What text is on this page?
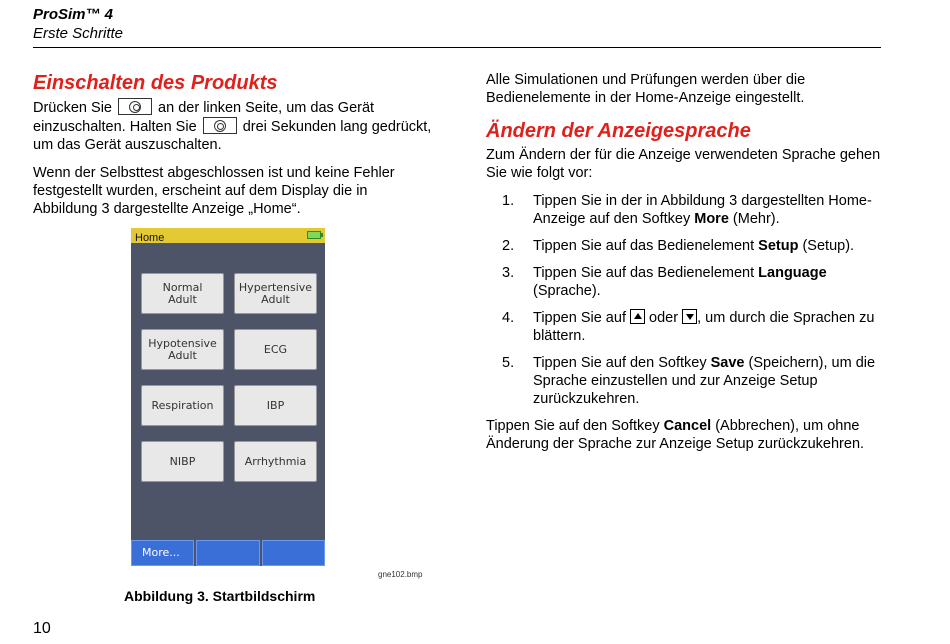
ProSim™ 4
Erste Schritte
Einschalten des Produkts

Drücken Sie	an der linken Seite, um das Gerät einzuschalten. Halten Sie	drei Sekunden lang gedrückt, um das Gerät auszuschalten.

Wenn der Selbsttest abgeschlossen ist und keine Fehler festgestellt wurden, erscheint auf dem Display die in Abbildung 3 dargestellte Anzeige „Home“.

Home
Normal
Adult
Hypertensive
Adult
Hypotensive
Adult	ECG
Respiration	IBP
NIBP	Arrhythmia
More...
gne102.bmp
Abbildung 3. Startbildschirm

Alle Simulationen und Prüfungen werden über die Bedienelemente in der Home-Anzeige eingestellt.

Ändern der Anzeigesprache

Zum Ändern der für die Anzeige verwendeten Sprache gehen Sie wie folgt vor:

1.	Tippen Sie in der in Abbildung 3 dargestellten Home-Anzeige auf den Softkey More (Mehr).
2.	Tippen Sie auf das Bedienelement Setup (Setup).
3.	Tippen Sie auf das Bedienelement Language (Sprache).
4.	Tippen Sie auf oder , um durch die Sprachen zu blättern.
5.	Tippen Sie auf den Softkey Save (Speichern), um die Sprache einzustellen und zur Anzeige Setup zurückzukehren.

Tippen Sie auf den Softkey Cancel (Abbrechen), um ohne Änderung der Sprache zur Anzeige Setup zurückzukehren.

10
